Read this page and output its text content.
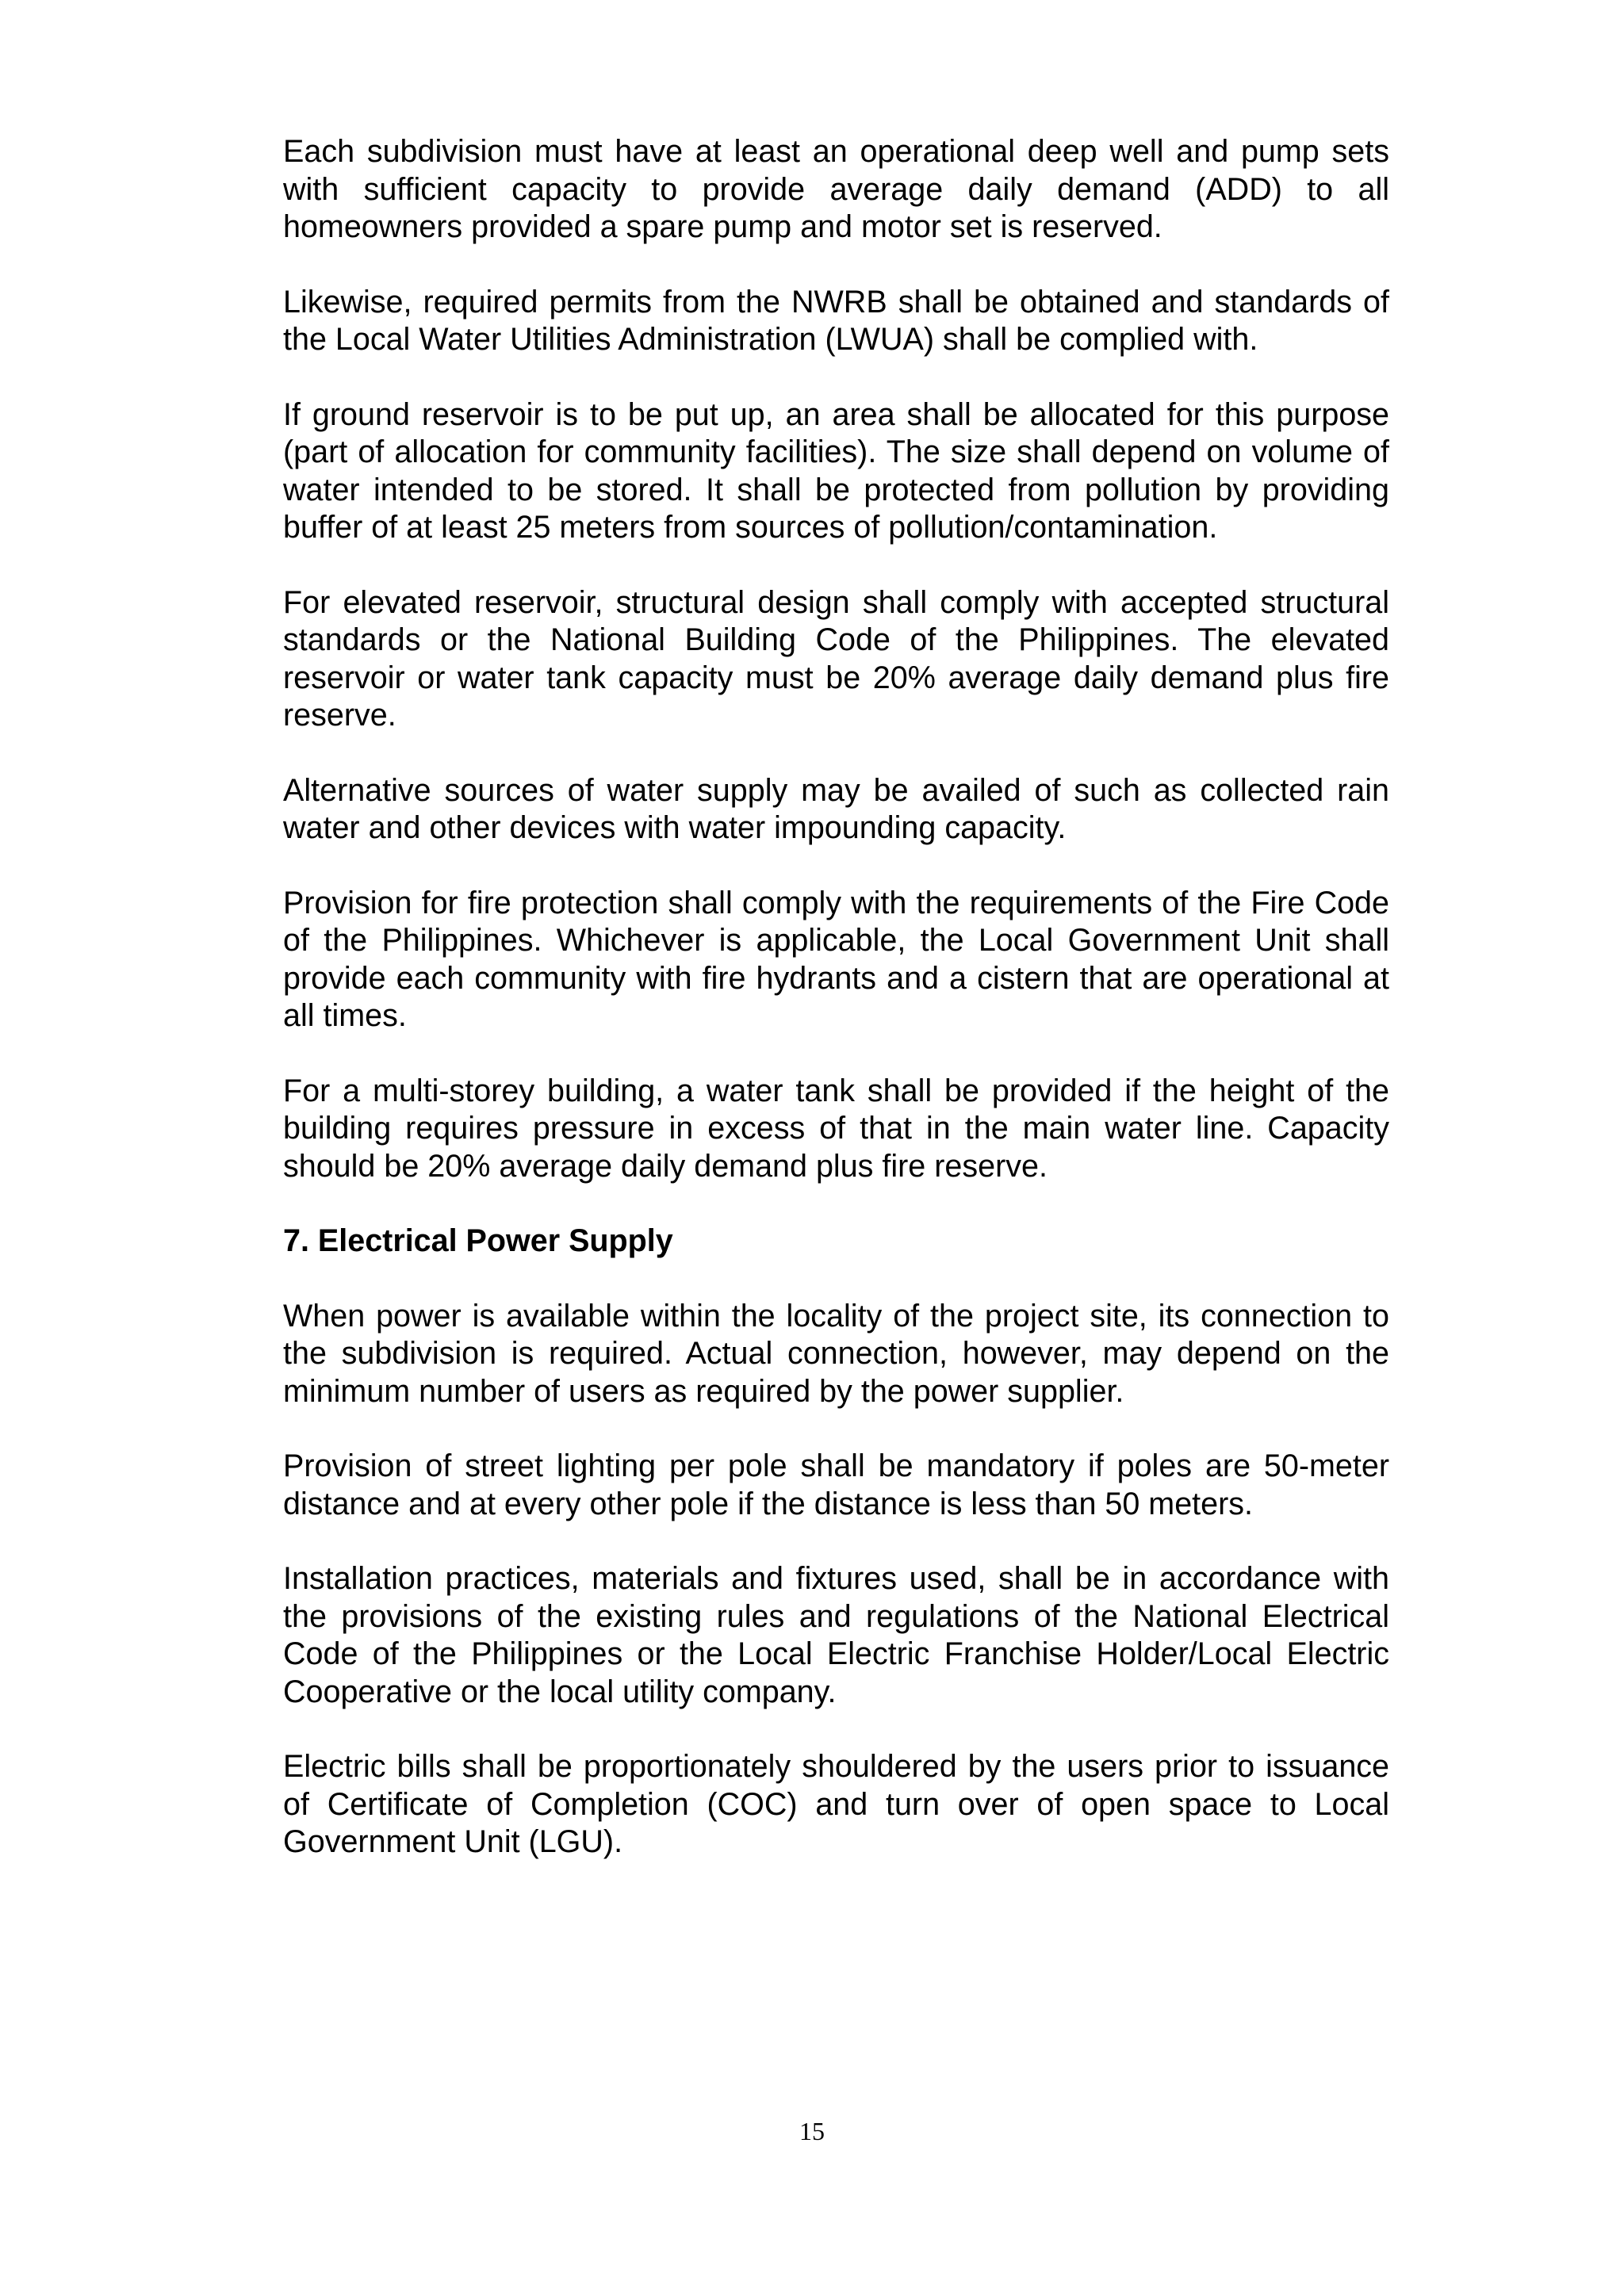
Each subdivision must have at least an operational deep well and pump sets with sufficient capacity to provide average daily demand (ADD) to all homeowners provided a spare pump and motor set is reserved.

Likewise, required permits from the NWRB shall be obtained and standards of the Local Water Utilities Administration (LWUA) shall be complied with.

If ground reservoir is to be put up, an area shall be allocated for this purpose (part of allocation for community facilities). The size shall depend on volume of water intended to be stored. It shall be protected from pollution by providing buffer of at least 25 meters from sources of pollution/contamination.

For elevated reservoir, structural design shall comply with accepted structural standards or the National Building Code of the Philippines. The elevated reservoir or water tank capacity must be 20% average daily demand plus fire reserve.

Alternative sources of water supply may be availed of such as collected rain water and other devices with water impounding capacity.

Provision for fire protection shall comply with the requirements of the Fire Code of the Philippines. Whichever is applicable, the Local Government Unit shall provide each community with fire hydrants and a cistern that are operational at all times.

For a multi-storey building, a water tank shall be provided if the height of the building requires pressure in excess of that in the main water line. Capacity should be 20% average daily demand plus fire reserve.

7. Electrical Power Supply

When power is available within the locality of the project site, its connection to the subdivision is required. Actual connection, however, may depend on the minimum number of users as required by the power supplier.

Provision of street lighting per pole shall be mandatory if poles are 50-meter distance and at every other pole if the distance is less than 50 meters.

Installation practices, materials and fixtures used, shall be in accordance with the provisions of the existing rules and regulations of the National Electrical Code of the Philippines or the Local Electric Franchise Holder/Local Electric Cooperative or the local utility company.

Electric bills shall be proportionately shouldered by the users prior to issuance of Certificate of Completion (COC) and turn over of open space to Local Government Unit (LGU).

15
